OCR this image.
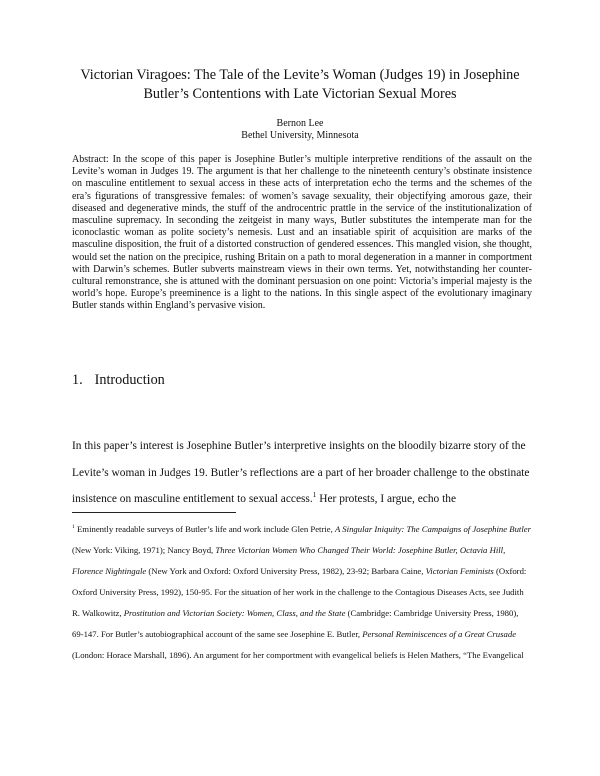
Victorian Viragoes: The Tale of the Levite’s Woman (Judges 19) in Josephine
Butler’s Contentions with Late Victorian Sexual Mores
Bernon Lee
Bethel University, Minnesota
Abstract: In the scope of this paper is Josephine Butler’s multiple interpretive renditions of the assault on the Levite’s woman in Judges 19. The argument is that her challenge to the nineteenth century’s obstinate insistence on masculine entitlement to sexual access in these acts of interpretation echo the terms and the schemes of the era’s figurations of transgressive females: of women’s savage sexuality, their objectifying amorous gaze, their diseased and degenerative minds, the stuff of the androcentric prattle in the service of the institutionalization of masculine supremacy. In seconding the zeitgeist in many ways, Butler substitutes the intemperate man for the iconoclastic woman as polite society’s nemesis. Lust and an insatiable spirit of acquisition are marks of the masculine disposition, the fruit of a distorted construction of gendered essences. This mangled vision, she thought, would set the nation on the precipice, rushing Britain on a path to moral degeneration in a manner in comportment with Darwin’s schemes. Butler subverts mainstream views in their own terms. Yet, notwithstanding her counter-cultural remonstrance, she is attuned with the dominant persuasion on one point: Victoria’s imperial majesty is the world’s hope. Europe’s preeminence is a light to the nations. In this single aspect of the evolutionary imaginary Butler stands within England’s pervasive vision.
1. Introduction

In this paper’s interest is Josephine Butler’s interpretive insights on the bloodily bizarre story of the Levite’s woman in Judges 19. Butler’s reflections are a part of her broader challenge to the obstinate insistence on masculine entitlement to sexual access.$^1$ Her protests, I argue, echo the

$^1$ Eminently readable surveys of Butler’s life and work include Glen Petrie, A Singular Iniquity: The Campaigns of Josephine Butler (New York: Viking, 1971); Nancy Boyd, Three Victorian Women Who Changed Their World: Josephine Butler, Octavia Hill, Florence Nightingale (New York and Oxford: Oxford University Press, 1982), 23-92; Barbara Caine, Victorian Feminists (Oxford: Oxford University Press, 1992), 150-95. For the situation of her work in the challenge to the Contagious Diseases Acts, see Judith R. Walkowitz, Prostitution and Victorian Society: Women, Class, and the State (Cambridge: Cambridge University Press, 1980), 69-147. For Butler’s autobiographical account of the same see Josephine E. Butler, Personal Reminiscences of a Great Crusade (London: Horace Marshall, 1896). An argument for her comportment with evangelical beliefs is Helen Mathers, “The Evangelical
